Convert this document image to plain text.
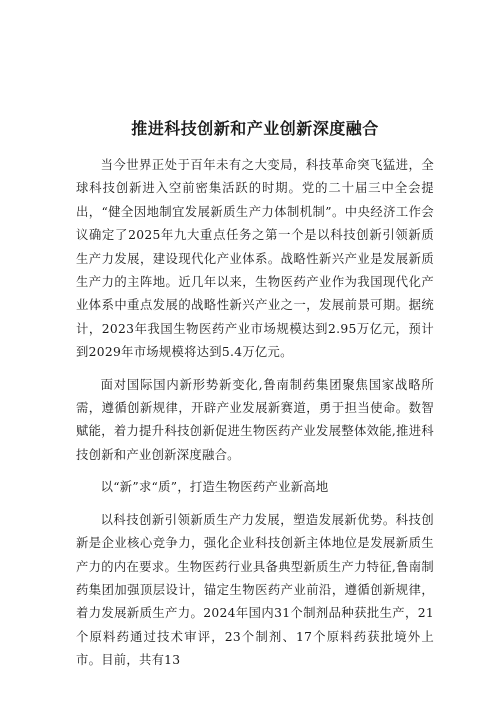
推进科技创新和产业创新深度融合

当今世界正处于百年未有之大变局，科技革命突飞猛进，全球科技创新进入空前密集活跃的时期。党的二十届三中全会提出，“健全因地制宜发展新质生产力体制机制”。中央经济工作会议确定了2025年九大重点任务之第一个是以科技创新引领新质生产力发展，建设现代化产业体系。战略性新兴产业是发展新质生产力的主阵地。近几年以来，生物医药产业作为我国现代化产业体系中重点发展的战略性新兴产业之一，发展前景可期。据统计，2023年我国生物医药产业市场规模达到2.95万亿元，预计到2029年市场规模将达到5.4万亿元。

面对国际国内新形势新变化,鲁南制药集团聚焦国家战略所需，遵循创新规律，开辟产业发展新赛道，勇于担当使命。数智赋能，着力提升科技创新促进生物医药产业发展整体效能,推进科技创新和产业创新深度融合。

以“新”求“质”，打造生物医药产业新高地

以科技创新引领新质生产力发展，塑造发展新优势。科技创新是企业核心竞争力，强化企业科技创新主体地位是发展新质生产力的内在要求。生物医药行业具备典型新质生产力特征,鲁南制药集团加强顶层设计，锚定生物医药产业前沿，遵循创新规律，着力发展新质生产力。2024年国内31个制剂品种获批生产，21个原料药通过技术审评，23个制剂、17个原料药获批境外上市。目前，共有13
